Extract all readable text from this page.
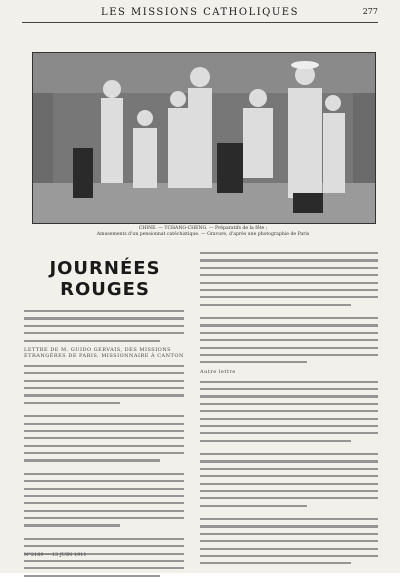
LES MISSIONS CATHOLIQUES	277
CHINE. — TCHANG-CHENG. — Préparatifs de la fête ;
Amusements d'un pensionnat catéchistique. — Gravure, d'après une photographie de Paris
JOURNÉES ROUGES
LETTRE DE M. GUIDO GERVAIS, DES MISSIONS ÉTRANGÈRES DE PARIS, MISSIONNAIRE À CANTON
Autre lettre
N°2189 — 13 JUIN 1911
